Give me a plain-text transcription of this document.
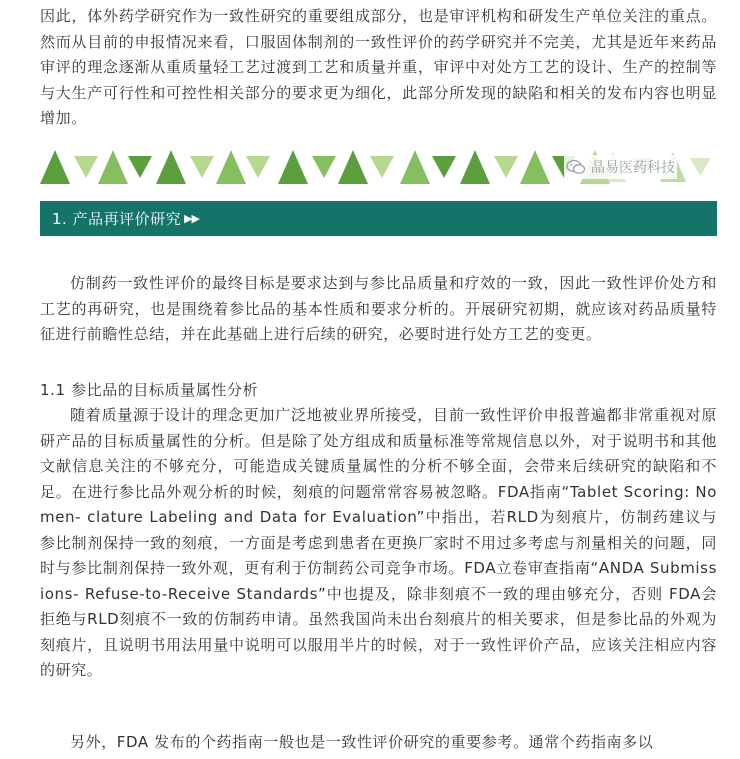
因此，体外药学研究作为一致性研究的重要组成部分，也是审评机构和研发生产单位关注的重点。然而从目前的申报情况来看，口服固体制剂的一致性评价的药学研究并不完美，尤其是近年来药品审评的理念逐渐从重质量轻工艺过渡到工艺和质量并重，审评中对处方工艺的设计、生产的控制等与大生产可行性和可控性相关部分的要求更为细化，此部分所发现的缺陷和相关的发布内容也明显增加。

晶易医药科技
1. 产品再评价研究 ▶▶

仿制药一致性评价的最终目标是要求达到与参比品质量和疗效的一致，因此一致性评价处方和工艺的再研究，也是围绕着参比品的基本性质和要求分析的。开展研究初期，就应该对药品质量特征进行前瞻性总结，并在此基础上进行后续的研究，必要时进行处方工艺的变更。

1.1 参比品的目标质量属性分析

随着质量源于设计的理念更加广泛地被业界所接受，目前一致性评价申报普遍都非常重视对原研产品的目标质量属性的分析。但是除了处方组成和质量标准等常规信息以外，对于说明书和其他文献信息关注的不够充分，可能造成关键质量属性的分析不够全面，会带来后续研究的缺陷和不足。在进行参比品外观分析的时候，刻痕的问题常常容易被忽略。FDA指南“Tablet Scoring: Nomen- clature Labeling and Data for Evaluation”中指出，若RLD为刻痕片，仿制药建议与参比制剂保持一致的刻痕，一方面是考虑到患者在更换厂家时不用过多考虑与剂量相关的问题，同时与参比制剂保持一致外观，更有利于仿制药公司竞争市场。FDA立卷审查指南“ANDA Submissions- Refuse-to-Receive Standards”中也提及，除非刻痕不一致的理由够充分，否则 FDA会拒绝与RLD刻痕不一致的仿制药申请。虽然我国尚未出台刻痕片的相关要求，但是参比品的外观为刻痕片，且说明书用法用量中说明可以服用半片的时候，对于一致性评价产品，应该关注相应内容的研究。

另外，FDA 发布的个药指南一般也是一致性评价研究的重要参考。通常个药指南多以
